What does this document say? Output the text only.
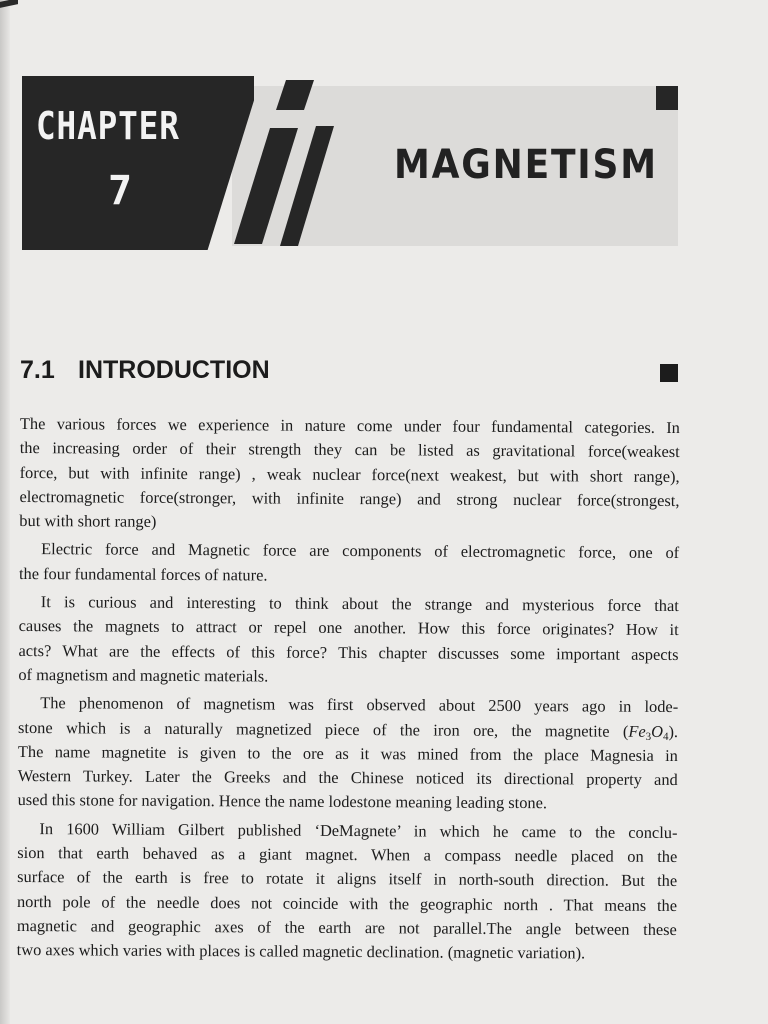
CHAPTER
7
MAGNETISM
7.1 INTRODUCTION
The various forces we experience in nature come under four fundamental categories. In
the increasing order of their strength they can be listed as gravitational force(weakest
force, but with infinite range) , weak nuclear force(next weakest, but with short range),
electromagnetic force(stronger, with infinite range) and strong nuclear force(strongest,
but with short range)
Electric force and Magnetic force are components of electromagnetic force, one of
the four fundamental forces of nature.
It is curious and interesting to think about the strange and mysterious force that
causes the magnets to attract or repel one another. How this force originates? How it
acts? What are the effects of this force? This chapter discusses some important aspects
of magnetism and magnetic materials.
The phenomenon of magnetism was first observed about 2500 years ago in lode-
stone which is a naturally magnetized piece of the iron ore, the magnetite $(Fe_3O_4)$.
The name magnetite is given to the ore as it was mined from the place Magnesia in
Western Turkey. Later the Greeks and the Chinese noticed its directional property and
used this stone for navigation. Hence the name lodestone meaning leading stone.
In 1600 William Gilbert published ‘DeMagnete’ in which he came to the conclu-
sion that earth behaved as a giant magnet. When a compass needle placed on the
surface of the earth is free to rotate it aligns itself in north-south direction. But the
north pole of the needle does not coincide with the geographic north . That means the
magnetic and geographic axes of the earth are not parallel.The angle between these
two axes which varies with places is called magnetic declination. (magnetic variation).
